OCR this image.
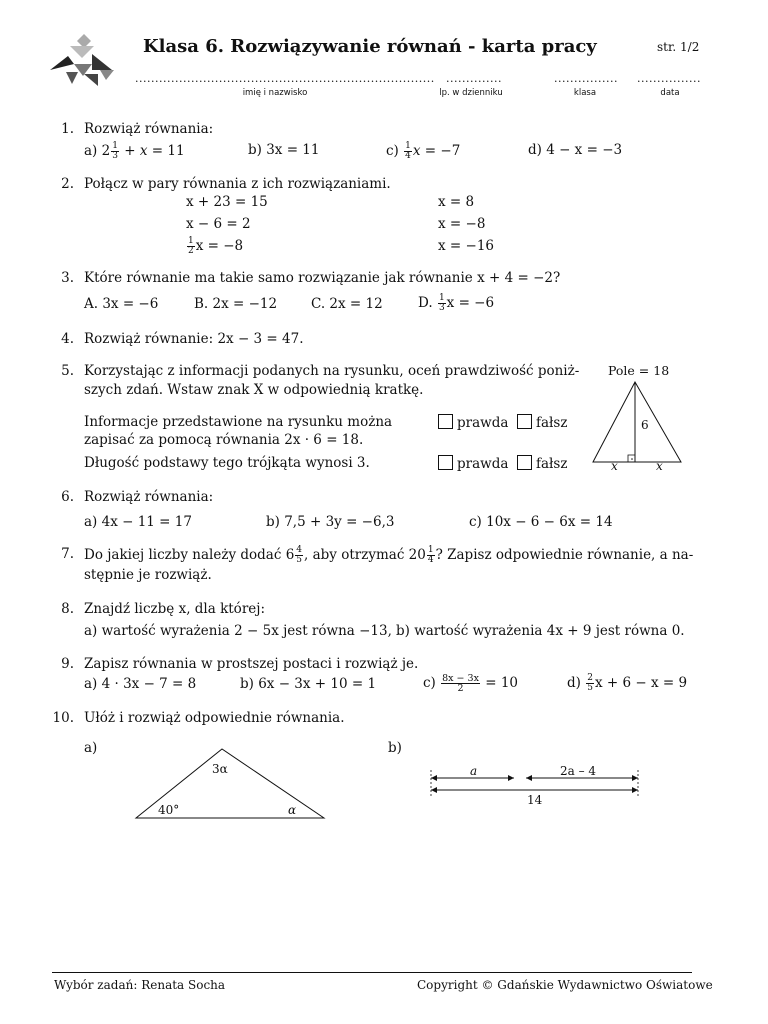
Klasa 6. Rozwiązywanie równań - karta pracy	str. 1/2
........................................................................... ..............	................ ................
imię i nazwisko	lp. w dzienniku	klasa	data
1. Rozwiąż równania:
a) $2 \frac{1}{3} + x = 11$	b) 3x = 11	$c) \frac{1}{4}$ x = −7	d) 4 − x = −3
2. Połącz w pary równania z ich rozwiązaniami.
x + 23 = 15
x − 6 = 2
$\frac{1}{2}$ x = −8
x = 8
x = −8
x = −16
3. Które równanie ma takie samo rozwiązanie jak równanie x + 4 = −2?
A. 3x = −6	B. 2x = −12	C. 2x = 12	D. $\frac{1}{3}$ x = −6
4. Rozwiąż równanie: 2x − 3 = 47.
5. Korzystając z informacji podanych na rysunku, oceń prawdziwość poniż-
szych zdań. Wstaw znak X w odpowiednią kratkę.
Informacje przedstawione na rysunku można
zapisać za pomocą równania 2x · 6 = 18.
Długość podstawy tego trójkąta wynosi 3.
prawda	fałsz
prawda	fałsz
Pole = 18
6
x	x
6. Rozwiąż równania:
a) 4x − 11 = 17	b) 7,5 + 3y = −6,3	c) 10x − 6 − 6x = 14
7. Do jakiej liczby należy dodać $6 \frac{4}{5}$ , aby otrzymać $20 \frac{1}{4}$ ? Zapisz odpowiednie równanie, a na-
stępnie je rozwiąż.
8. Znajdź liczbę x, dla której:
a) wartość wyrażenia 2 − 5x jest równa −13, b) wartość wyrażenia 4x + 9 jest równa 0.
9. Zapisz równania w prostszej postaci i rozwiąż je.
a) 4 · 3x − 7 = 8	b) 6x − 3x + 10 = 1	$c) \frac{8x - 3x}{2} = 10$	$d) \frac{2}{5}$ x + 6 − x = 9
10. Ułóż i rozwiąż odpowiednie równania.
a)	b)
3α
40°	α
a	2a – 4
14
Wybór zadań: Renata Socha	Copyright © Gdańskie Wydawnictwo Oświatowe
